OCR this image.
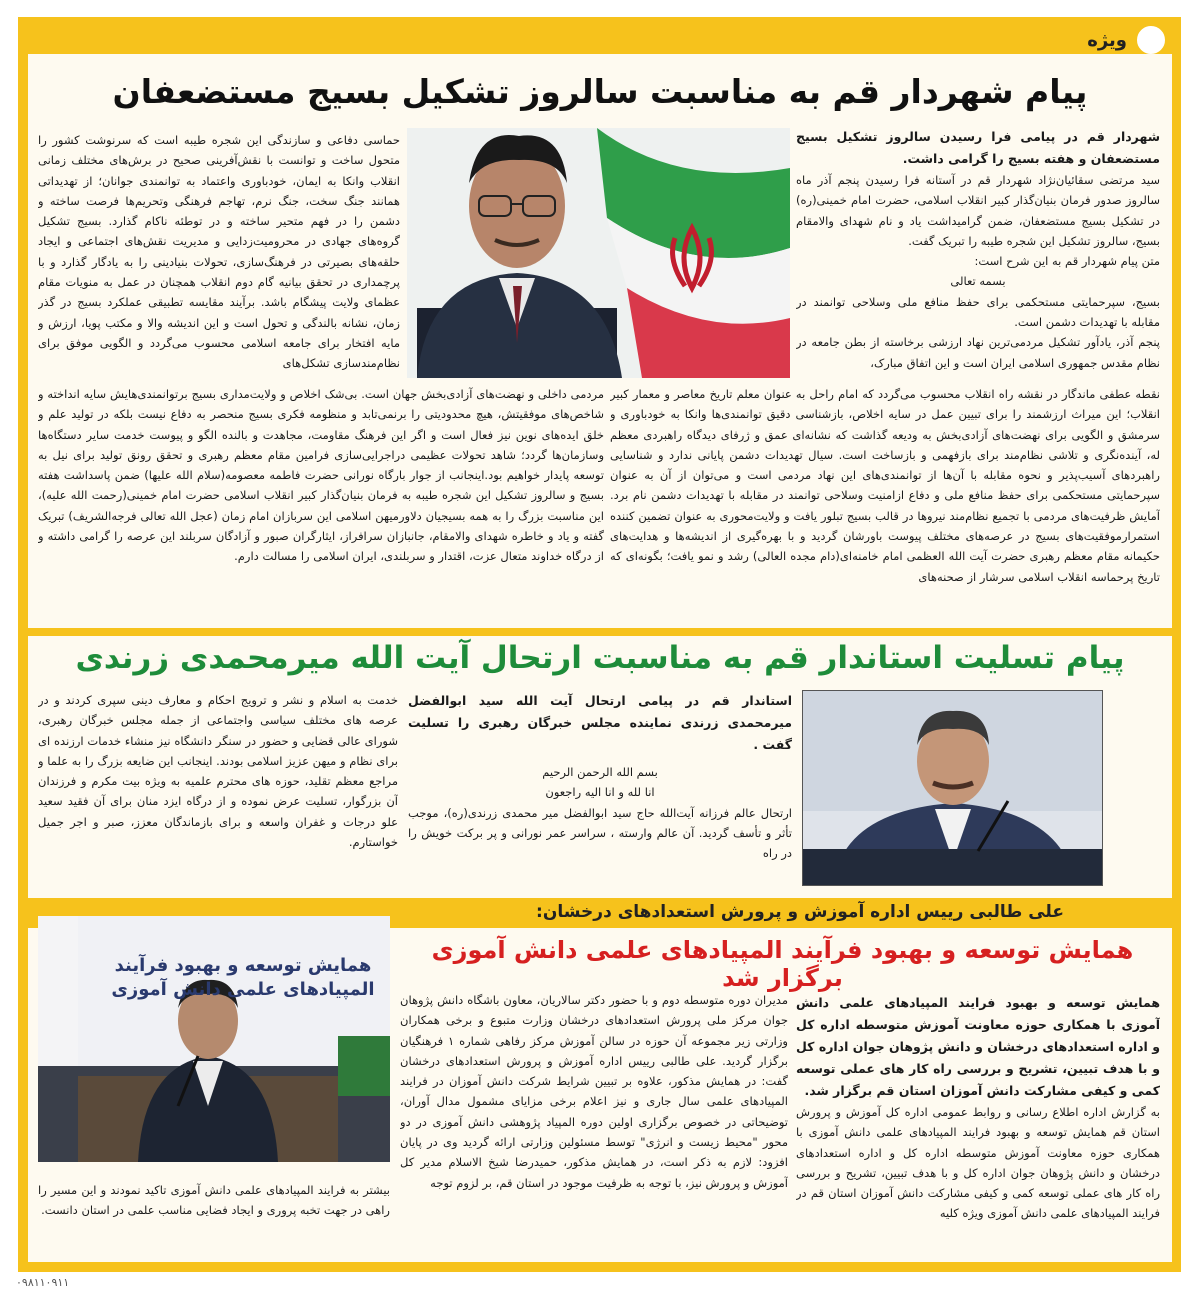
ویژه
پیام شهردار قم به مناسبت سالروز تشکیل بسیج مستضعفان

شهردار قم در پیامی فرا رسیدن سالروز تشکیل بسیج مستضعفان و هفته بسیج را گرامی داشت.

سید مرتضی سقائیان‌نژاد شهردار قم در آستانه فرا رسیدن پنجم آذر ماه سالروز صدور فرمان بنیان‌گذار کبیر انقلاب اسلامی، حضرت امام خمینی(ره) در تشکیل بسیج مستضعفان، ضمن گرامیداشت یاد و نام شهدای والامقام بسیج، سالروز تشکیل این شجره طیبه را تبریک گفت.

متن پیام شهردار قم به این شرح است:

بسمه تعالی

بسیج، سپرحمایتی مستحکمی برای حفظ منافع ملی وسلاحی توانمند در مقابله با تهدیدات دشمن است.

پنجم آذر، یادآور تشکیل مردمی‌ترین نهاد ارزشی برخاسته از بطن جامعه در نظام مقدس جمهوری اسلامی ایران است و این اتفاق مبارک،

حماسی دفاعی و سازندگی این شجره طیبه است که سرنوشت کشور را متحول ساخت و توانست با نقش‌آفرینی صحیح در برش‌های مختلف زمانی انقلاب وانکا به ایمان، خودباوری واعتماد به توانمندی جوانان؛ از تهدیداتی همانند جنگ سخت، جنگ نرم، تهاجم فرهنگی وتحریم‌ها فرصت ساخته و دشمن را در فهم متحیر ساخته و در توطئه ناکام گذارد. بسیج تشکیل گروه‌های جهادی در محرومیت‌زدایی و مدیریت نقش‌های اجتماعی و ایجاد حلقه‌های بصیرتی در فرهنگ‌سازی، تحولات بنیادینی را به یادگار گذارد و با پرچمداری در تحقق بیانیه گام دوم انقلاب همچنان در عمل به منویات مقام عظمای ولایت پیشگام باشد. برآیند مقایسه تطبیقی عملکرد بسیج در گذر زمان، نشانه بالندگی و تحول است و این اندیشه والا و مکتب پویا، ارزش و مایه افتخار برای جامعه اسلامی محسوب می‌گردد و الگویی موفق برای نظام‌مندسازی تشکل‌های
نقطه عطفی ماندگار در نقشه راه انقلاب محسوب می‌گردد که امام راحل به عنوان معلم تاریخ معاصر و معمار کبیر انقلاب؛ این میراث ارزشمند را برای تبیین عمل در سایه اخلاص، بازشناسی دقیق توانمندی‌ها وانکا به خودباوری و سرمشق و الگویی برای نهضت‌های آزادی‌بخش به ودیعه گذاشت که نشانه‌ای عمق و ژرفای دیدگاه راهبردی معظم له، آینده‌نگری و تلاشی نظام‌مند برای بازفهمی و بازساخت است. سیال تهدیدات دشمن پایانی ندارد و شناسایی راهبردهای آسیب‌پذیر و نحوه مقابله با آن‌ها از توانمندی‌های این نهاد مردمی است و می‌توان از آن به عنوان سپرحمایتی مستحکمی برای حفظ منافع ملی و دفاع ازامنیت وسلاحی توانمند در مقابله با تهدیدات دشمن نام برد. آمایش ظرفیت‌های مردمی با تجمیع نظام‌مند نیروها در قالب بسیج تبلور یافت و ولایت‌محوری به عنوان تضمین کننده استمرارموفقیت‌های بسیج در عرصه‌های مختلف پیوست باورشان گردید و با بهره‌گیری از اندیشه‌ها و هدایت‌های حکیمانه مقام معظم رهبری حضرت آیت الله العظمی امام خامنه‌ای(دام مجده العالی) رشد و نمو یافت؛ بگونه‌ای که تاریخ پرحماسه انقلاب اسلامی سرشار از صحنه‌های
مردمی داخلی و نهضت‌های آزادی‌بخش جهان است. بی‌شک اخلاص و ولایت‌مداری بسیج برتوانمندی‌هایش سایه انداخته و شاخص‌های موفقیتش، هیچ محدودیتی را برنمی‌تابد و منظومه فکری بسیج منحصر به دفاع نیست بلکه در تولید علم و خلق ایده‌های نوین نیز فعال است و اگر این فرهنگ مقاومت، مجاهدت و بالنده الگو و پیوست خدمت سایر دستگاه‌ها وسازمان‌ها گردد؛ شاهد تحولات عظیمی دراجرایی‌سازی فرامین مقام معظم رهبری و تحقق رونق تولید برای نیل به توسعه پایدار خواهیم بود.اینجانب از جوار بارگاه نورانی حضرت فاطمه معصومه(سلام الله علیها) ضمن پاسداشت هفته بسیج و سالروز تشکیل این شجره طیبه به فرمان بنیان‌گذار کبیر انقلاب اسلامی حضرت امام خمینی(رحمت الله علیه)، این مناسبت بزرگ را به همه بسیجیان دلاورمیهن اسلامی این سربازان امام زمان (عجل الله تعالی فرجه‌الشریف) تبریک گفته و یاد و خاطره شهدای والامقام، جانبازان سرافراز، ایثارگران صبور و آزادگان سربلند این عرصه را گرامی داشته و از درگاه خداوند متعال عزت، اقتدار و سربلندی، ایران اسلامی را مسالت دارم.
پیام تسلیت استاندار قم به مناسبت ارتحال آیت الله میرمحمدی زرندی

استاندار قم در پیامی ارتحال آیت الله سید ابوالفضل میرمحمدی زرندی نماینده مجلس خبرگان رهبری را تسلیت گفت .

بسم الله الرحمن الرحیم

انا لله و انا الیه راجعون

ارتحال عالم فرزانه آیت‌الله حاج سید ابوالفضل میر محمدی زرندی(ره)، موجب تأثر و تأسف گردید. آن عالم وارسته ، سراسر عمر نورانی و پر برکت خویش را در راه

خدمت به اسلام و نشر و ترویج احکام و معارف دینی سپری کردند و در عرصه های مختلف سیاسی واجتماعی از جمله مجلس خبرگان رهبری، شورای عالی قضایی و حضور در سنگر دانشگاه نیز منشاء خدمات ارزنده ای برای نظام و میهن عزیز اسلامی بودند. اینجانب این ضایعه بزرگ را به علما و مراجع معظم تقلید، حوزه های محترم علمیه به ویژه بیت مکرم و فرزندان آن بزرگوار، تسلیت عرض نموده و از درگاه ایزد منان برای آن فقید سعید علو درجات و غفران واسعه و برای بازماندگان معزز، صبر و اجر جمیل خواستارم.
علی طالبی رییس اداره آموزش و پرورش استعدادهای درخشان:
همایش توسعه و بهبود فرآیند المپیادهای علمی دانش آموزی برگزار شد
همایش توسعه و بهبود فرآیند
المپیادهای علمی دانش آموزی

همایش توسعه و بهبود فرایند المپیادهای علمی دانش آموزی با همکاری حوزه معاونت آموزش متوسطه اداره کل و اداره استعدادهای درخشان و دانش پژوهان جوان اداره کل و با هدف تبیین، تشریح و بررسی راه کار های عملی توسعه کمی و کیفی مشارکت دانش آموزان استان قم برگزار شد.

به گزارش اداره اطلاع رسانی و روابط عمومی اداره کل آموزش و پرورش استان قم همایش توسعه و بهبود فرایند المپیادهای علمی دانش آموزی با همکاری حوزه معاونت آموزش متوسطه اداره کل و اداره استعدادهای درخشان و دانش پژوهان جوان اداره کل و با هدف تبیین، تشریح و بررسی راه کار های عملی توسعه کمی و کیفی مشارکت دانش آموزان استان قم در فرایند المپیادهای علمی دانش آموزی ویژه کلیه

مدیران دوره متوسطه دوم و با حضور دکتر سالاریان، معاون باشگاه دانش پژوهان جوان مرکز ملی پرورش استعدادهای درخشان وزارت متبوع و برخی همکاران وزارتی زیر مجموعه آن حوزه در سالن آموزش مرکز رفاهی شماره ۱ فرهنگیان برگزار گردید. علی طالبی رییس اداره آموزش و پرورش استعدادهای درخشان گفت: در همایش مذکور، علاوه بر تبیین شرایط شرکت دانش آموزان در فرایند المپیادهای علمی سال جاری و نیز اعلام برخی مزایای مشمول مدال آوران، توضیحاتی در خصوص برگزاری اولین دوره المپیاد پژوهشی دانش آموزی در دو محور "محیط زیست و انرژی" توسط مسئولین وزارتی ارائه گردید وی در پایان افزود: لازم به ذکر است، در همایش مذکور، حمیدرضا شیخ الاسلام مدیر کل آموزش و پرورش نیز، با توجه به ظرفیت موجود در استان قم، بر لزوم توجه
بیشتر به فرایند المپیادهای علمی دانش آموزی تاکید نمودند و این مسیر را راهی در جهت تخبه پروری و ایجاد فضایی مناسب علمی در استان دانست.
۰۹۸۱۱۰۹۱۱
